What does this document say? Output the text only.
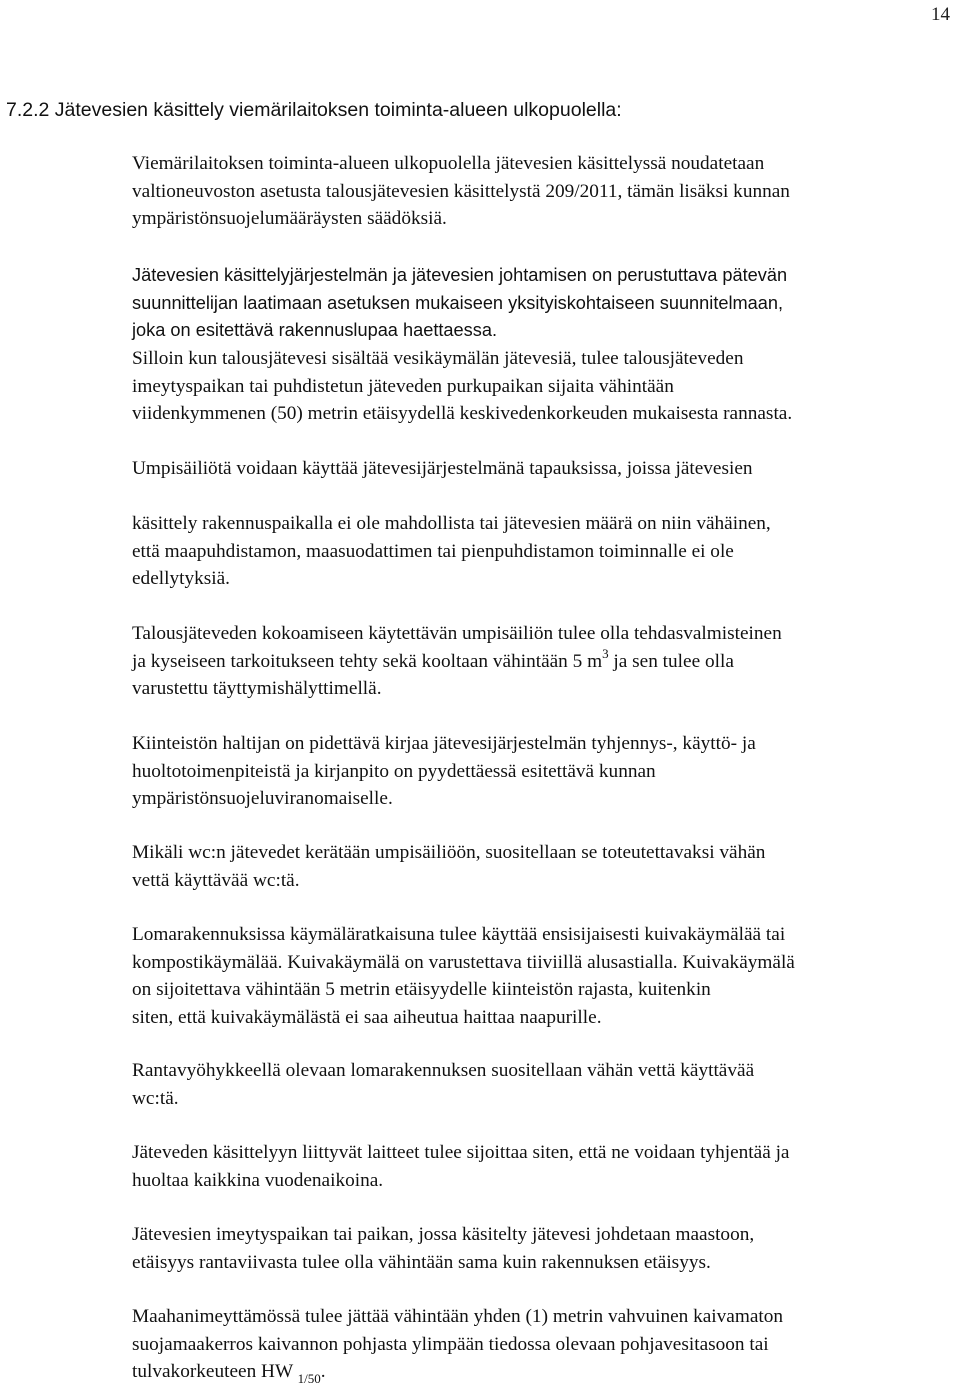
14
7.2.2 Jätevesien käsittely viemärilaitoksen toiminta-alueen ulkopuolella:

Viemärilaitoksen toiminta-alueen ulkopuolella jätevesien käsittelyssä noudatetaan
valtioneuvoston asetusta talousjätevesien käsittelystä 209/2011, tämän lisäksi kunnan
ympäristönsuojelumääräysten säädöksiä.

Jätevesien käsittelyjärjestelmän ja jätevesien johtamisen on perustuttava pätevän
suunnittelijan laatimaan asetuksen mukaiseen yksityiskohtaiseen suunnitelmaan,
joka on esitettävä rakennuslupaa haettaessa.

Silloin kun talousjätevesi sisältää vesikäymälän jätevesiä, tulee talousjäteveden
imeytyspaikan tai puhdistetun jäteveden purkupaikan sijaita vähintään
viidenkymmenen (50) metrin etäisyydellä keskivedenkorkeuden mukaisesta rannasta.

Umpisäiliötä voidaan käyttää jätevesijärjestelmänä tapauksissa, joissa jätevesien

käsittely rakennuspaikalla ei ole mahdollista tai jätevesien määrä on niin vähäinen,
että maapuhdistamon, maasuodattimen tai pienpuhdistamon toiminnalle ei ole
edellytyksiä.

Talousjäteveden kokoamiseen käytettävän umpisäiliön tulee olla tehdasvalmisteinen
ja kyseiseen tarkoitukseen tehty sekä kooltaan vähintään 5 $m^3$ ja sen tulee olla
varustettu täyttymishälyttimellä.

Kiinteistön haltijan on pidettävä kirjaa jätevesijärjestelmän tyhjennys-, käyttö- ja
huoltotoimenpiteistä ja kirjanpito on pyydettäessä esitettävä kunnan
ympäristönsuojeluviranomaiselle.

Mikäli wc:n jätevedet kerätään umpisäiliöön, suositellaan se toteutettavaksi vähän
vettä käyttävää wc:tä.

Lomarakennuksissa käymäläratkaisuna tulee käyttää ensisijaisesti kuivakäymälää tai
kompostikäymälää. Kuivakäymälä on varustettava tiiviillä alusastialla. Kuivakäymälä
on sijoitettava vähintään 5 metrin etäisyydelle kiinteistön rajasta, kuitenkin
siten, että kuivakäymälästä ei saa aiheutua haittaa naapurille.

Rantavyöhykkeellä olevaan lomarakennuksen suositellaan vähän vettä käyttävää
wc:tä.

Jäteveden käsittelyyn liittyvät laitteet tulee sijoittaa siten, että ne voidaan tyhjentää ja
huoltaa kaikkina vuodenaikoina.

Jätevesien imeytyspaikan tai paikan, jossa käsitelty jätevesi johdetaan maastoon,
etäisyys rantaviivasta tulee olla vähintään sama kuin rakennuksen etäisyys.

Maahanimeyttämössä tulee jättää vähintään yhden (1) metrin vahvuinen kaivamaton
suojamaakerros kaivannon pohjasta ylimpään tiedossa olevaan pohjavesitasoon tai
tulvakorkeuteen HW $_{1/50}$.
